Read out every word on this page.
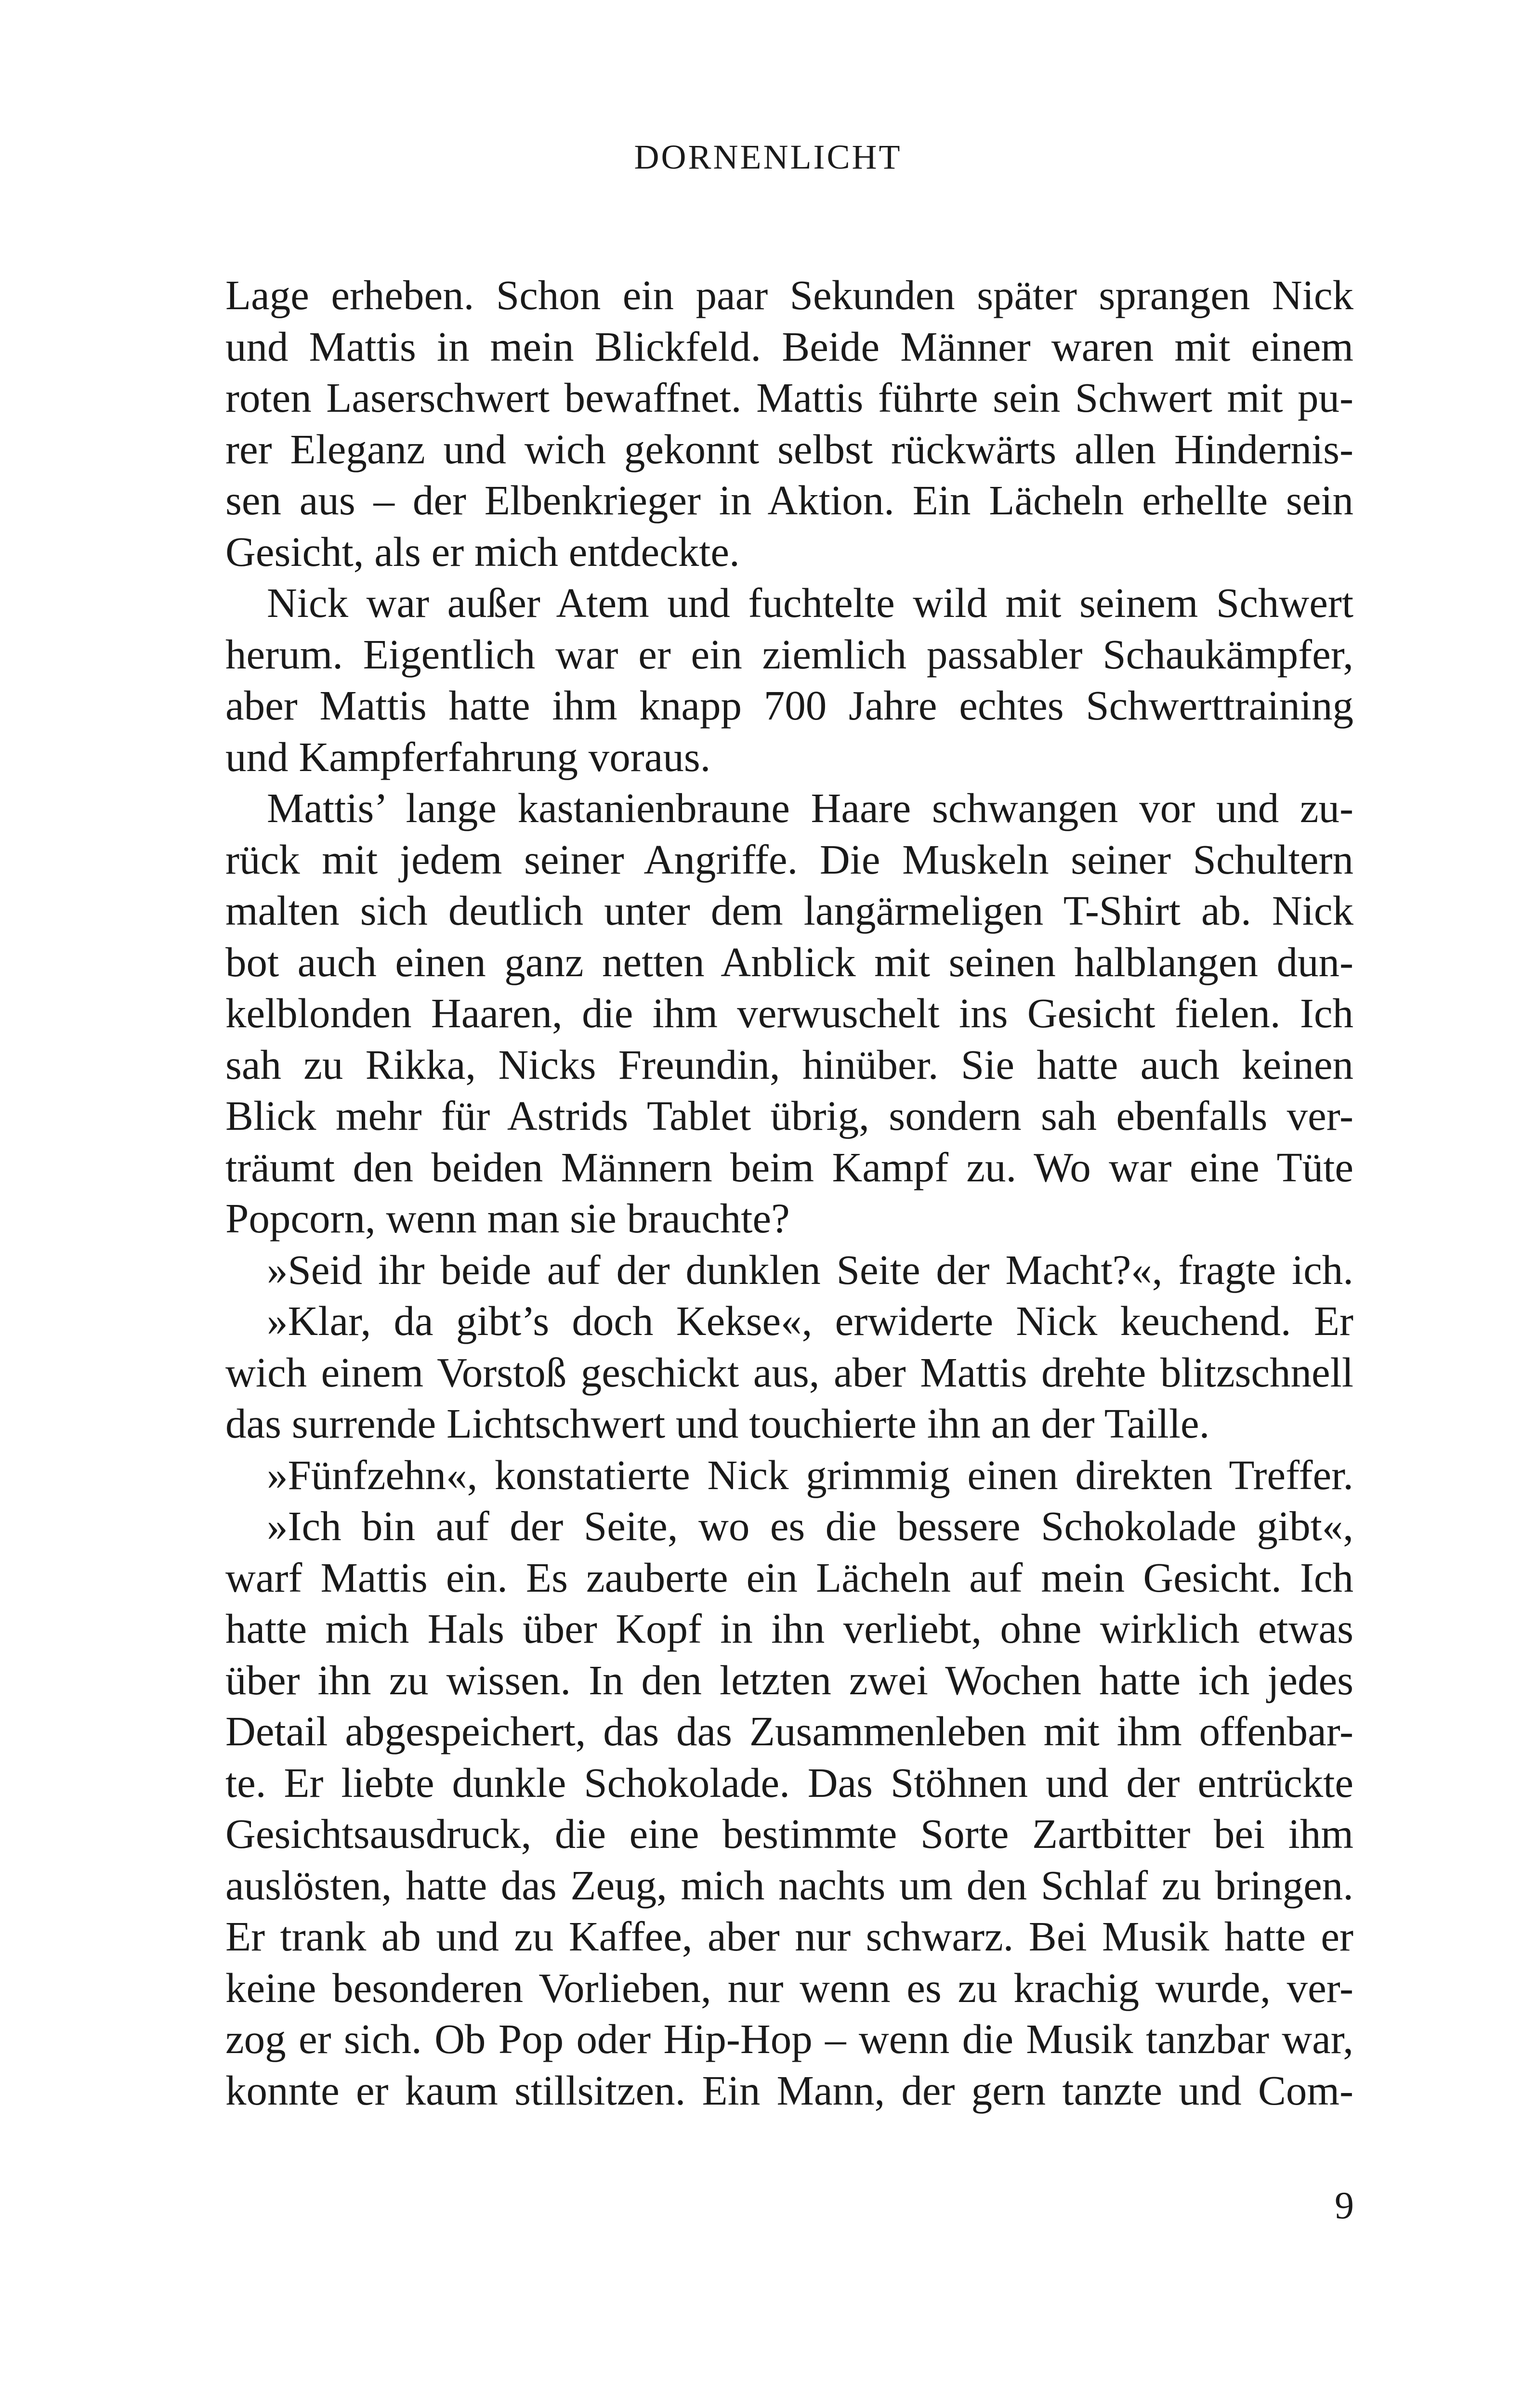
DORNENLICHT
Lage erheben. Schon ein paar Sekunden später sprangen Nick
und Mattis in mein Blickfeld. Beide Männer waren mit einem
roten Laserschwert bewaffnet. Mattis führte sein Schwert mit pu-
rer Eleganz und wich gekonnt selbst rückwärts allen Hindernis-
sen aus – der Elbenkrieger in Aktion. Ein Lächeln erhellte sein
Gesicht, als er mich entdeckte.
Nick war außer Atem und fuchtelte wild mit seinem Schwert
herum. Eigentlich war er ein ziemlich passabler Schaukämpfer,
aber Mattis hatte ihm knapp 700 Jahre echtes Schwerttraining
und Kampferfahrung voraus.
Mattis’ lange kastanienbraune Haare schwangen vor und zu-
rück mit jedem seiner Angriffe. Die Muskeln seiner Schultern
malten sich deutlich unter dem langärmeligen T-Shirt ab. Nick
bot auch einen ganz netten Anblick mit seinen halblangen dun-
kelblonden Haaren, die ihm verwuschelt ins Gesicht fielen. Ich
sah zu Rikka, Nicks Freundin, hinüber. Sie hatte auch keinen
Blick mehr für Astrids Tablet übrig, sondern sah ebenfalls ver-
träumt den beiden Männern beim Kampf zu. Wo war eine Tüte
Popcorn, wenn man sie brauchte?
»Seid ihr beide auf der dunklen Seite der Macht?«, fragte ich.
»Klar, da gibt’s doch Kekse«, erwiderte Nick keuchend. Er
wich einem Vorstoß geschickt aus, aber Mattis drehte blitzschnell
das surrende Lichtschwert und touchierte ihn an der Taille.
»Fünfzehn«, konstatierte Nick grimmig einen direkten Treffer.
»Ich bin auf der Seite, wo es die bessere Schokolade gibt«,
warf Mattis ein. Es zauberte ein Lächeln auf mein Gesicht. Ich
hatte mich Hals über Kopf in ihn verliebt, ohne wirklich etwas
über ihn zu wissen. In den letzten zwei Wochen hatte ich jedes
Detail abgespeichert, das das Zusammenleben mit ihm offenbar-
te. Er liebte dunkle Schokolade. Das Stöhnen und der entrückte
Gesichtsausdruck, die eine bestimmte Sorte Zartbitter bei ihm
auslösten, hatte das Zeug, mich nachts um den Schlaf zu bringen.
Er trank ab und zu Kaffee, aber nur schwarz. Bei Musik hatte er
keine besonderen Vorlieben, nur wenn es zu krachig wurde, ver-
zog er sich. Ob Pop oder Hip-Hop – wenn die Musik tanzbar war,
konnte er kaum stillsitzen. Ein Mann, der gern tanzte und Com-
9
